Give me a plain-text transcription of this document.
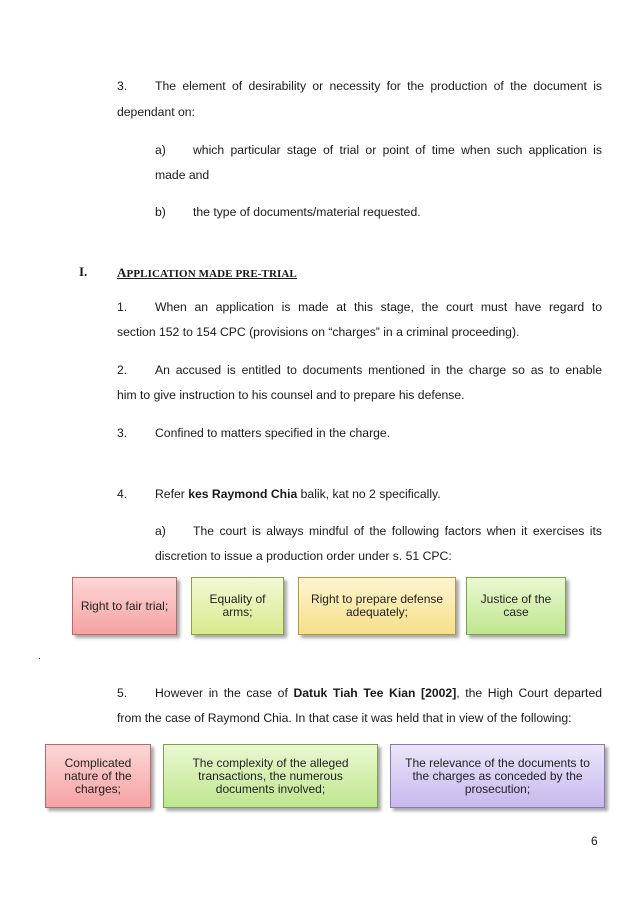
3. The element of desirability or necessity for the production of the document is
dependant on:
a) which particular stage of trial or point of time when such application is
made and
b) the type of documents/material requested.
I. APPLICATION MADE PRE-TRIAL
1. When an application is made at this stage, the court must have regard to
section 152 to 154 CPC (provisions on “charges” in a criminal proceeding).
2. An accused is entitled to documents mentioned in the charge so as to enable
him to give instruction to his counsel and to prepare his defense.
3. Confined to matters specified in the charge.
4. Refer kes Raymond Chia balik, kat no 2 specifically.
a) The court is always mindful of the following factors when it exercises its
discretion to issue a production order under s. 51 CPC:
Right to fair trial;	Equality of arms;
Right to prepare defense adequately;
Justice of the case
.
5. However in the case of Datuk Tiah Tee Kian [2002], the High Court departed
from the case of Raymond Chia. In that case it was held that in view of the following:
Complicated nature of the charges;
The complexity of the alleged transactions, the numerous documents involved;
The relevance of the documents to the charges as conceded by the prosecution;
6
